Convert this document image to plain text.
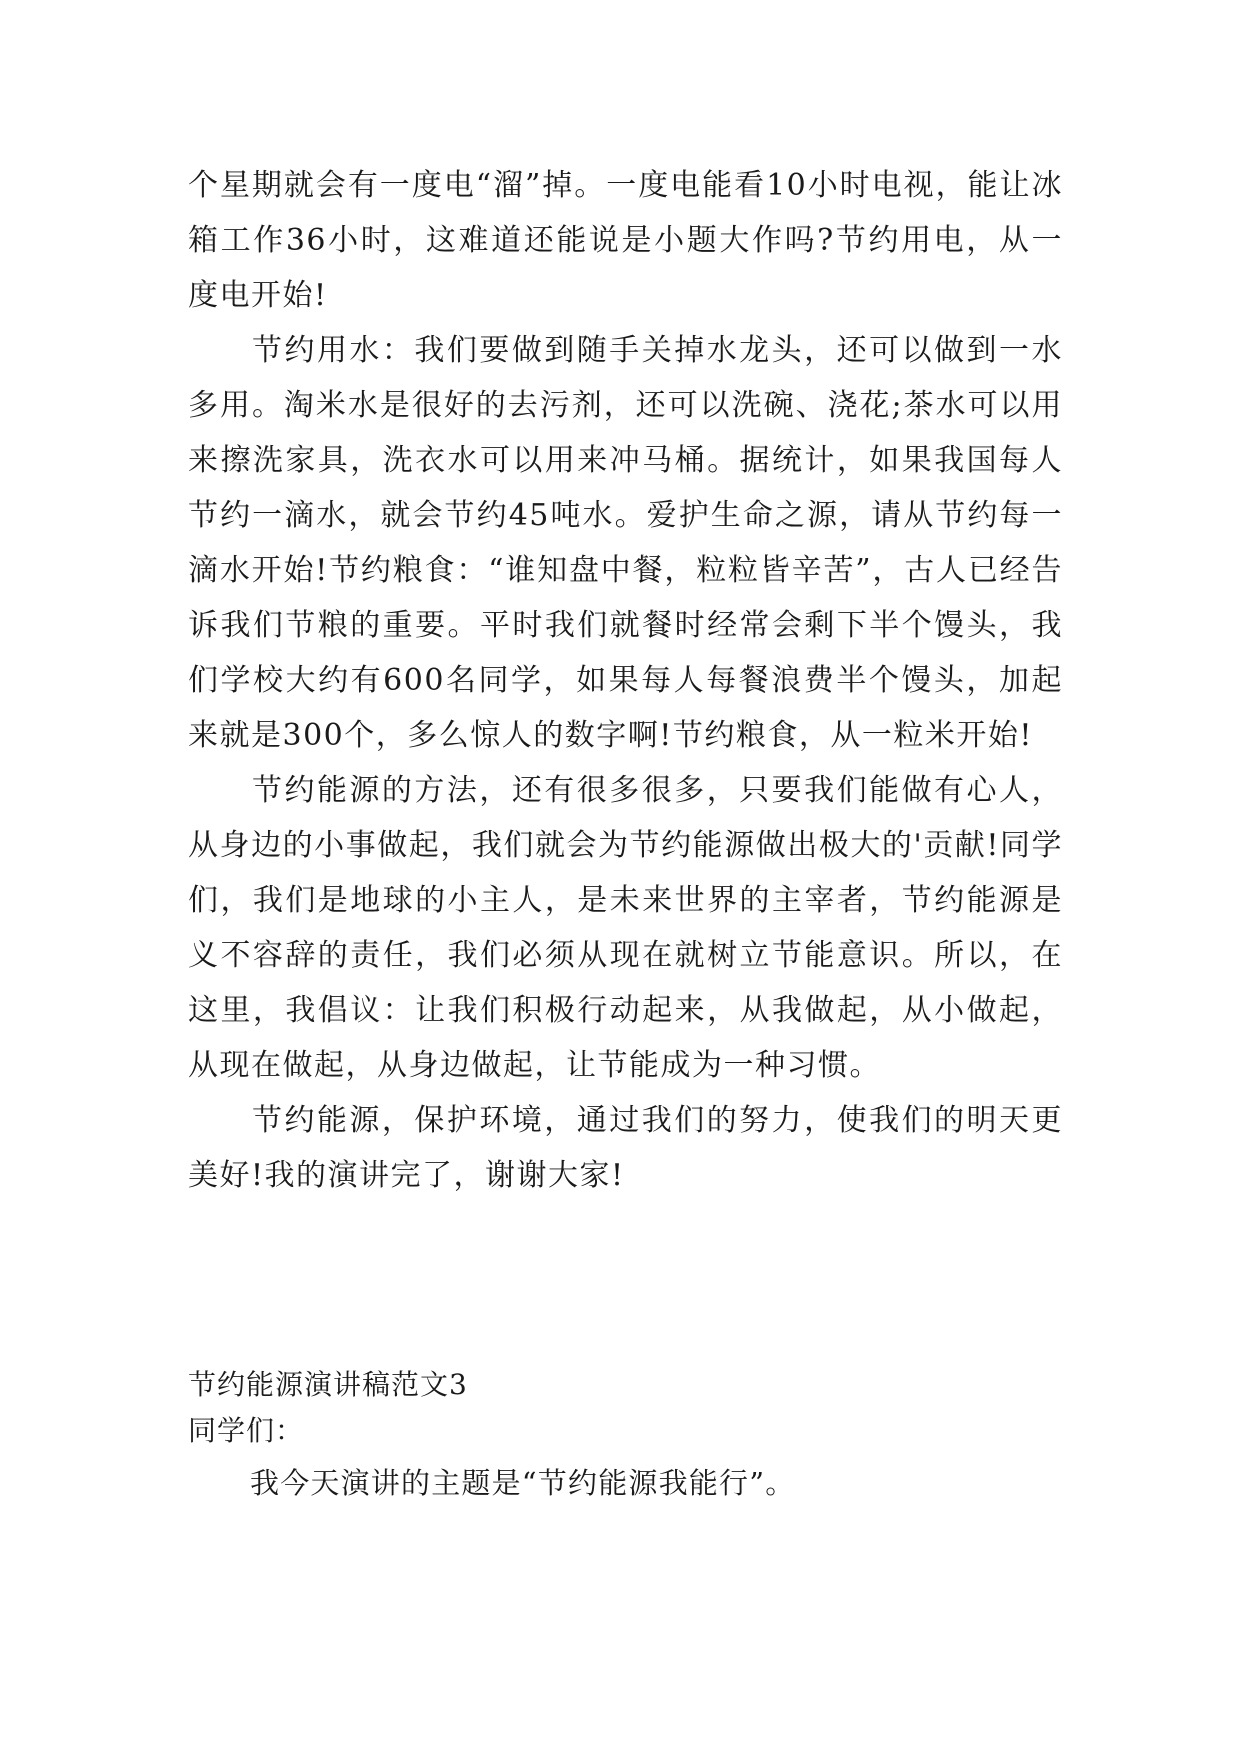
个星期就会有一度电“溜”掉。一度电能看10小时电视，能让冰箱工作36小时，这难道还能说是小题大作吗?节约用电，从一度电开始!

节约用水：我们要做到随手关掉水龙头，还可以做到一水多用。淘米水是很好的去污剂，还可以洗碗、浇花;茶水可以用来擦洗家具，洗衣水可以用来冲马桶。据统计，如果我国每人节约一滴水，就会节约45吨水。爱护生命之源，请从节约每一滴水开始!节约粮食：“谁知盘中餐，粒粒皆辛苦”，古人已经告诉我们节粮的重要。平时我们就餐时经常会剩下半个馒头，我们学校大约有600名同学，如果每人每餐浪费半个馒头，加起来就是300个，多么惊人的数字啊!节约粮食，从一粒米开始!

节约能源的方法，还有很多很多，只要我们能做有心人，从身边的小事做起，我们就会为节约能源做出极大的'贡献!同学们，我们是地球的小主人，是未来世界的主宰者，节约能源是义不容辞的责任，我们必须从现在就树立节能意识。所以，在这里，我倡议：让我们积极行动起来，从我做起，从小做起，从现在做起，从身边做起，让节能成为一种习惯。

节约能源，保护环境，通过我们的努力，使我们的明天更美好!我的演讲完了，谢谢大家!

节约能源演讲稿范文3

同学们：

我今天演讲的主题是“节约能源我能行”。
